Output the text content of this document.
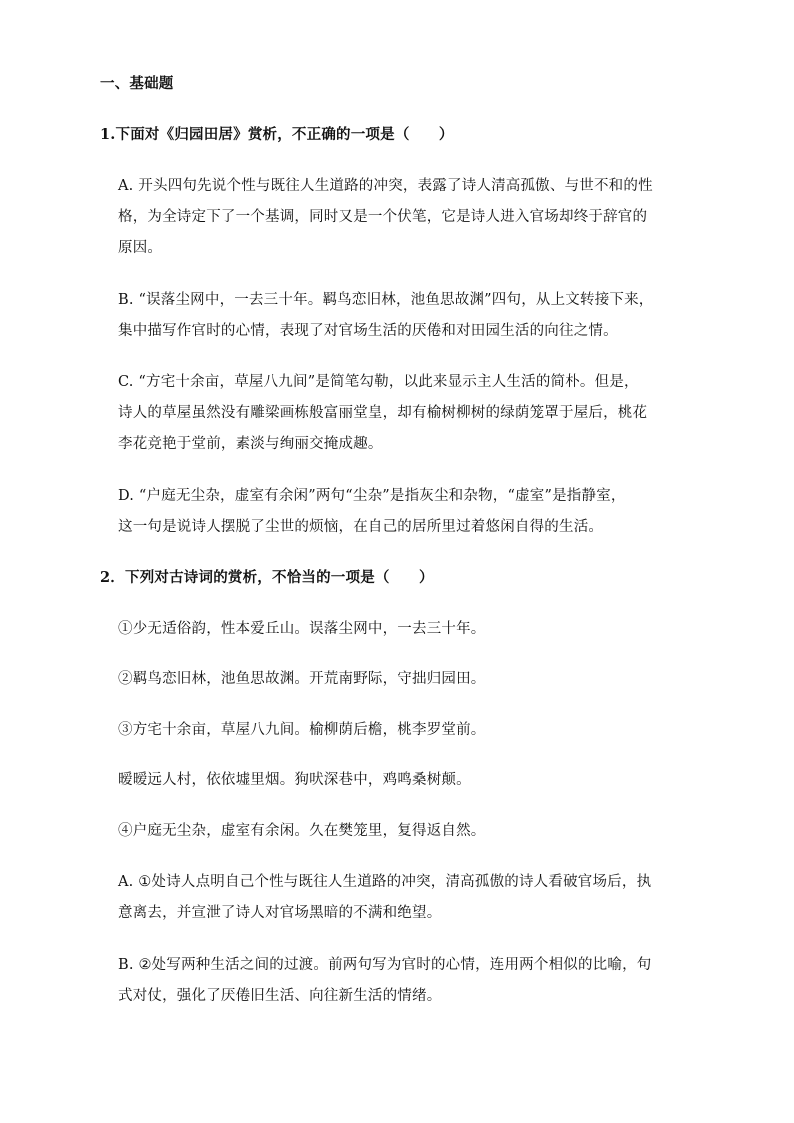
一、基础题
1.下面对《归园田居》赏析，不正确的一项是（　　）
A. 开头四句先说个性与既往人生道路的冲突，表露了诗人清高孤傲、与世不和的性
格，为全诗定下了一个基调，同时又是一个伏笔，它是诗人进入官场却终于辞官的
原因。
B. “误落尘网中，一去三十年。羁鸟恋旧林，池鱼思故渊”四句，从上文转接下来，
集中描写作官时的心情，表现了对官场生活的厌倦和对田园生活的向往之情。
C. “方宅十余亩，草屋八九间”是简笔勾勒，以此来显示主人生活的简朴。但是，
诗人的草屋虽然没有雕梁画栋般富丽堂皇，却有榆树柳树的绿荫笼罩于屋后，桃花
李花竞艳于堂前，素淡与绚丽交掩成趣。
D. “户庭无尘杂，虚室有余闲”两句“尘杂”是指灰尘和杂物，“虚室”是指静室，
这一句是说诗人摆脱了尘世的烦恼，在自己的居所里过着悠闲自得的生活。
2．下列对古诗词的赏析，不恰当的一项是（　　）
①少无适俗韵，性本爱丘山。误落尘网中，一去三十年。
②羁鸟恋旧林，池鱼思故渊。开荒南野际，守拙归园田。
③方宅十余亩，草屋八九间。榆柳荫后檐，桃李罗堂前。
暧暧远人村，依依墟里烟。狗吠深巷中，鸡鸣桑树颠。
④户庭无尘杂，虚室有余闲。久在樊笼里，复得返自然。
A. ①处诗人点明自己个性与既往人生道路的冲突，清高孤傲的诗人看破官场后，执
意离去，并宣泄了诗人对官场黑暗的不满和绝望。
B. ②处写两种生活之间的过渡。前两句写为官时的心情，连用两个相似的比喻，句
式对仗，强化了厌倦旧生活、向往新生活的情绪。
